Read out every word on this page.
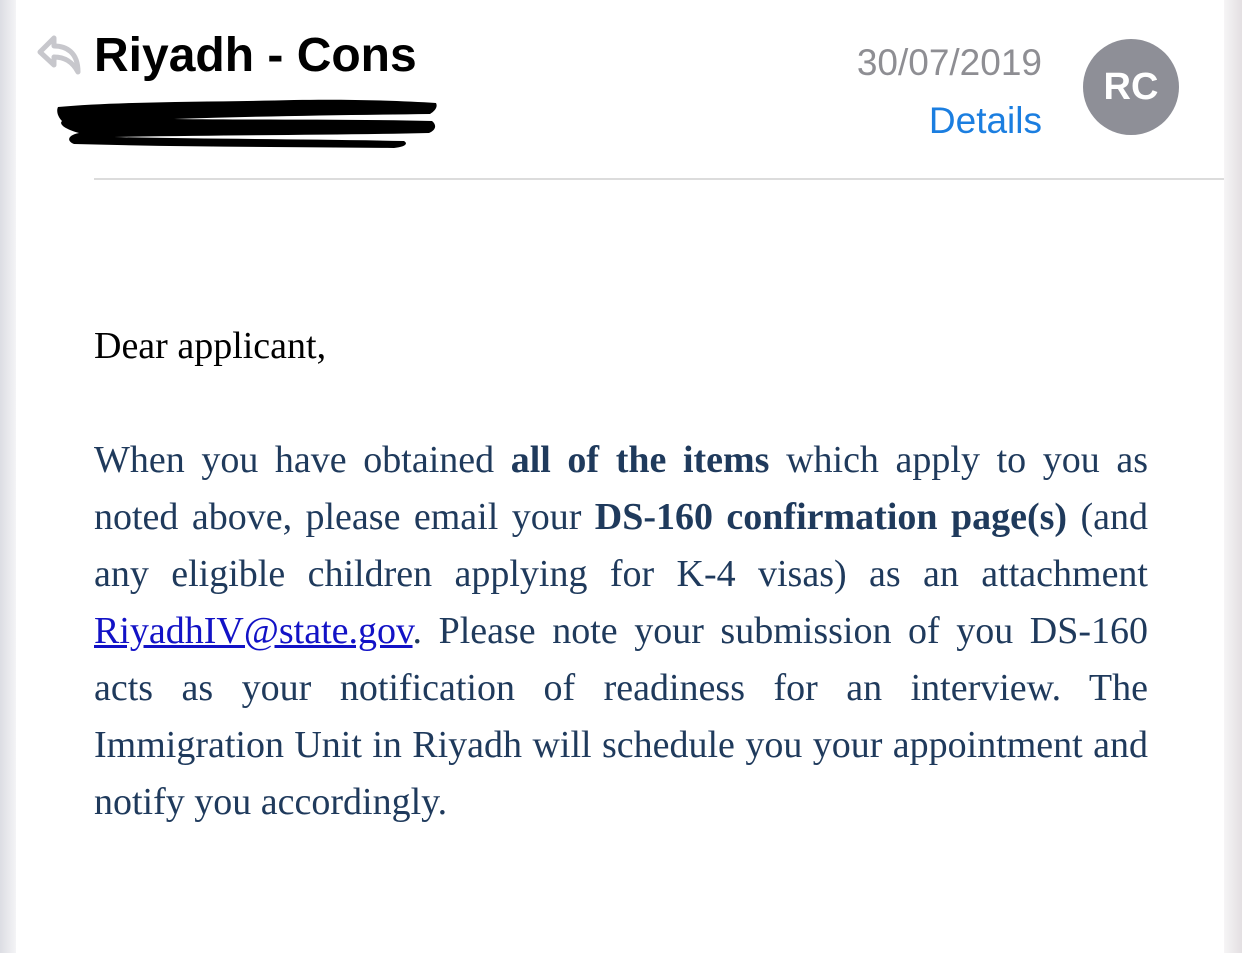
Riyadh - Cons	30/07/2019
Details
RC
Dear applicant,
When you have obtained all of the items which apply to you as noted above, please email your DS-160 confirmation page(s) (and any eligible children applying for K-4 visas) as an attachment RiyadhIV@state.gov. Please note your submission of you DS-160 acts as your notification of readiness for an interview. The Immigration Unit in Riyadh will schedule you your appointment and notify you accordingly.
